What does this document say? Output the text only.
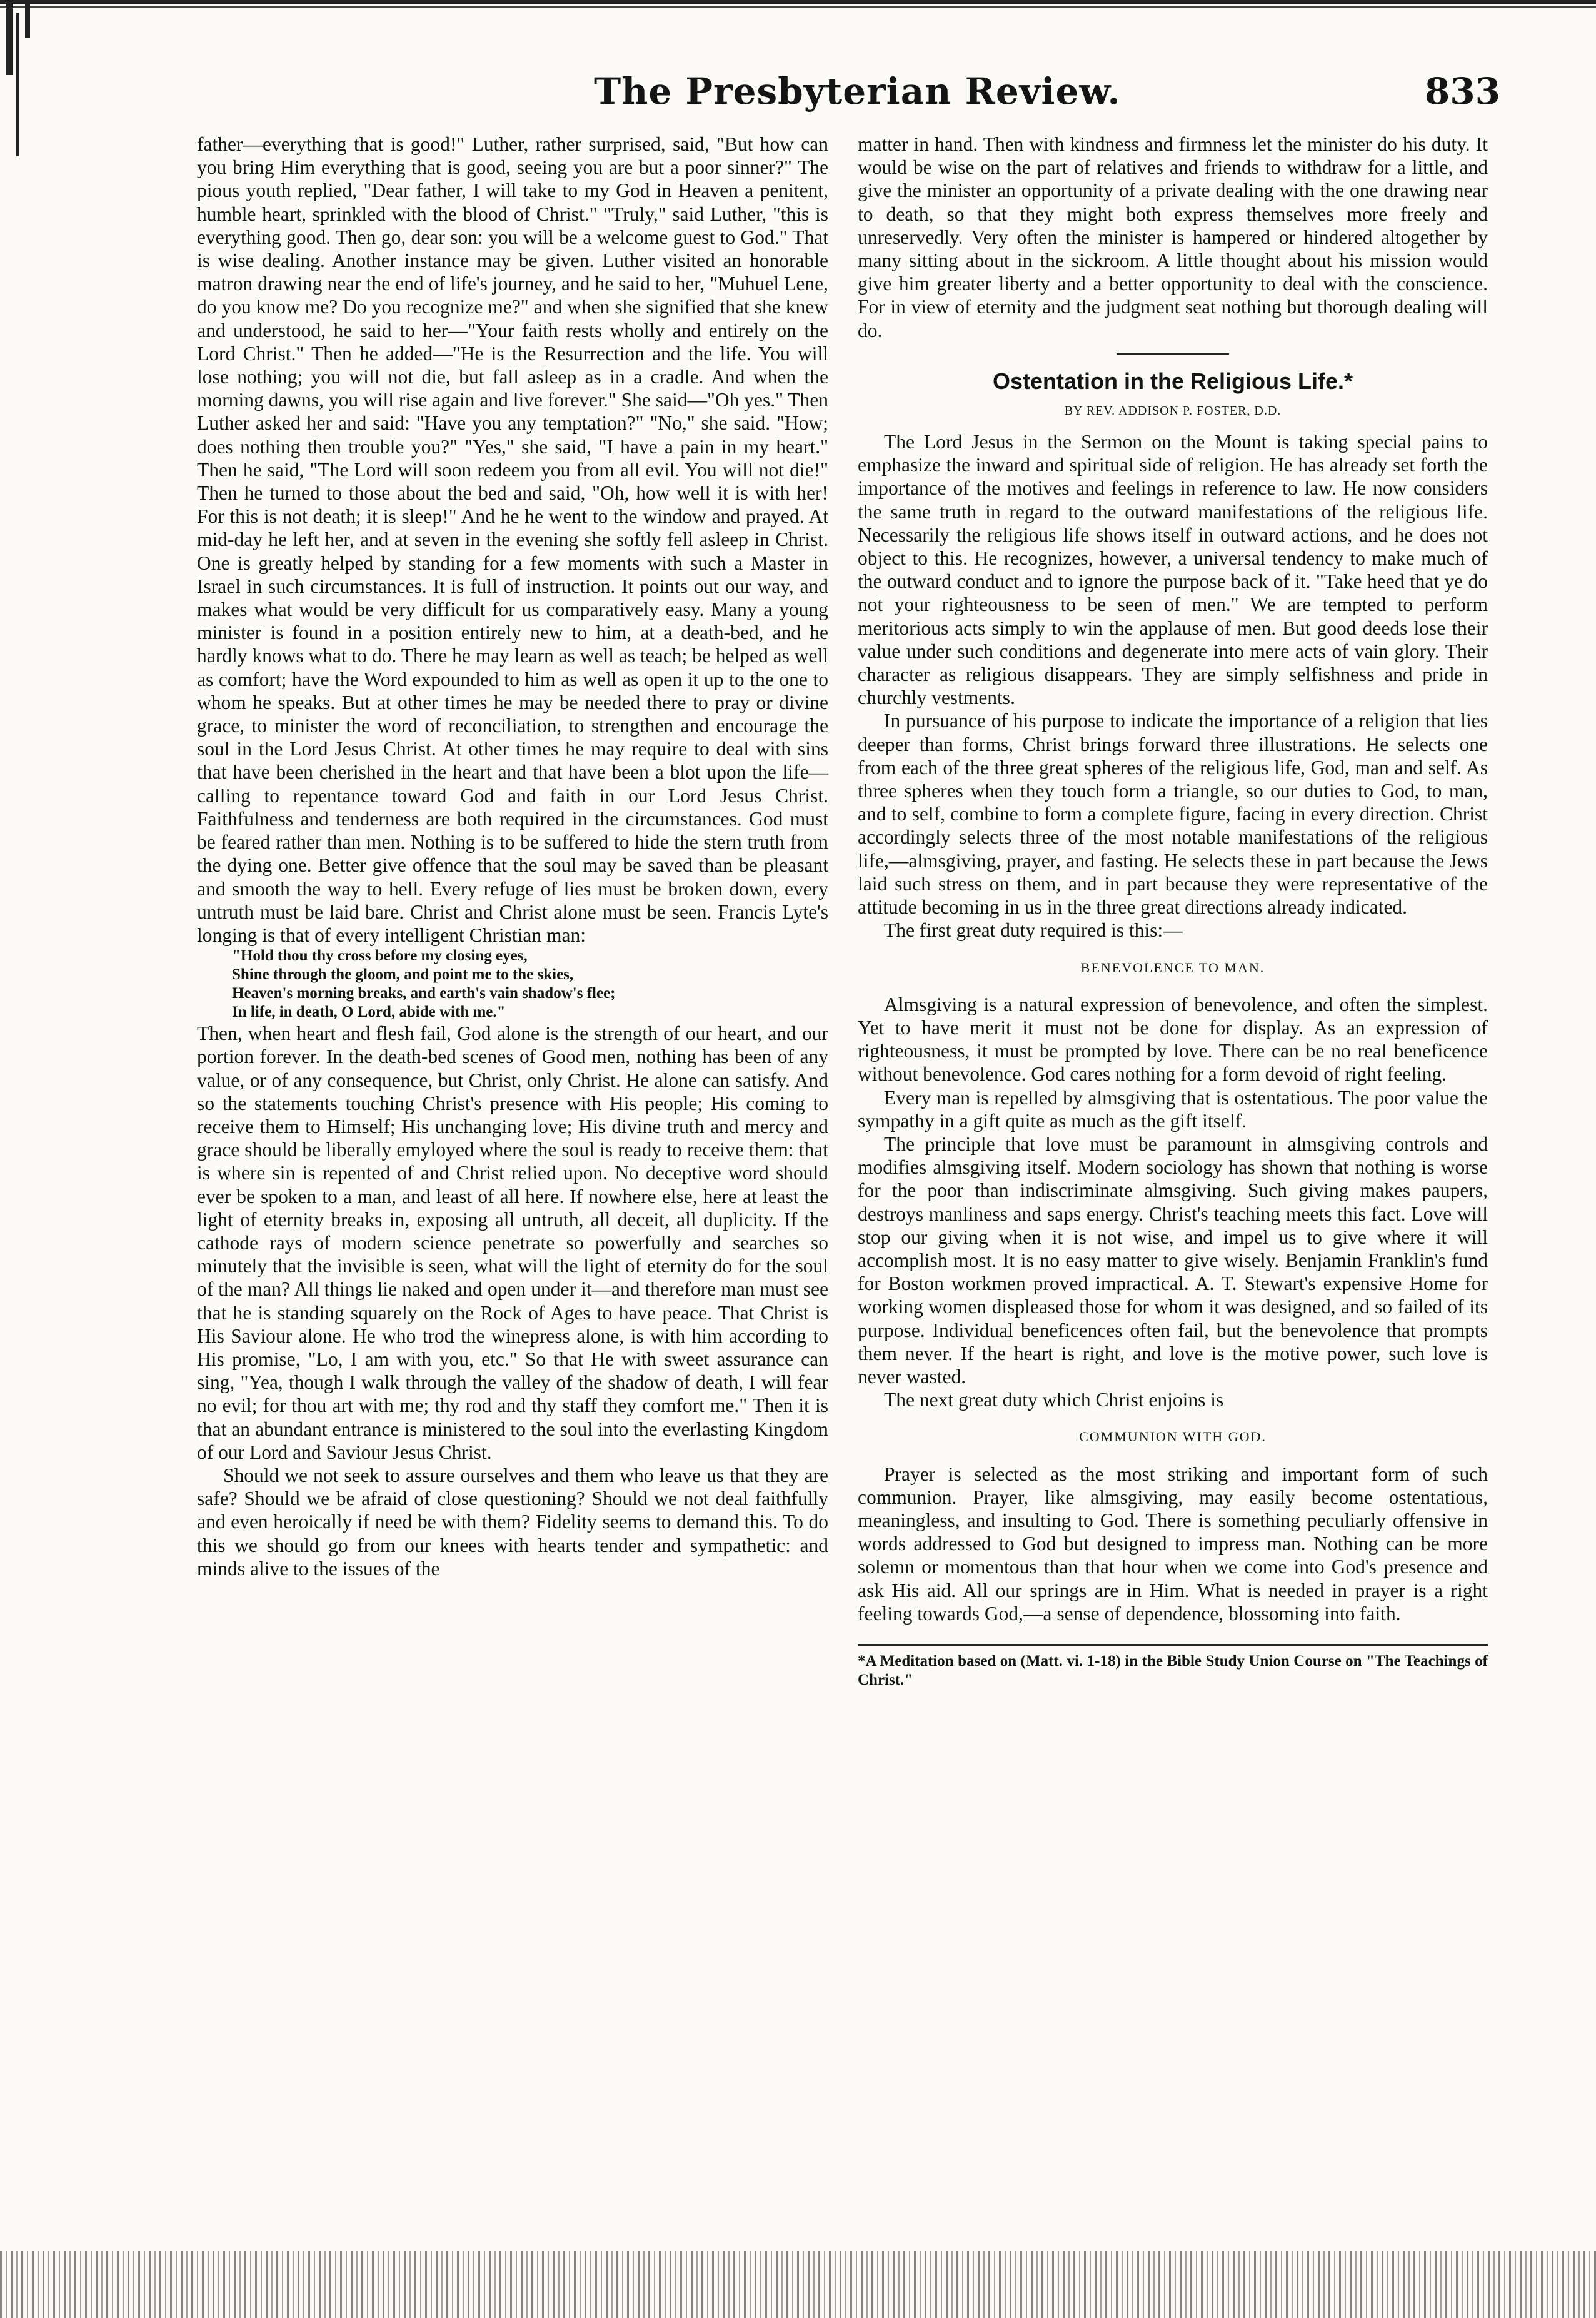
The Presbyterian Review.	833

father—everything that is good!" Luther, rather surprised, said, "But how can you bring Him everything that is good, seeing you are but a poor sinner?" The pious youth replied, "Dear father, I will take to my God in Heaven a penitent, humble heart, sprinkled with the blood of Christ." "Truly," said Luther, "this is everything good. Then go, dear son: you will be a welcome guest to God." That is wise dealing. Another instance may be given. Luther visited an honorable matron drawing near the end of life's journey, and he said to her, "Muhuel Lene, do you know me? Do you recognize me?" and when she signified that she knew and understood, he said to her—"Your faith rests wholly and entirely on the Lord Christ." Then he added—"He is the Resurrection and the life. You will lose nothing; you will not die, but fall asleep as in a cradle. And when the morning dawns, you will rise again and live forever." She said—"Oh yes." Then Luther asked her and said: "Have you any temptation?" "No," she said. "How; does nothing then trouble you?" "Yes," she said, "I have a pain in my heart." Then he said, "The Lord will soon redeem you from all evil. You will not die!" Then he turned to those about the bed and said, "Oh, how well it is with her! For this is not death; it is sleep!" And he he went to the window and prayed. At mid-day he left her, and at seven in the evening she softly fell asleep in Christ. One is greatly helped by standing for a few moments with such a Master in Israel in such circumstances. It is full of instruction. It points out our way, and makes what would be very difficult for us comparatively easy. Many a young minister is found in a position entirely new to him, at a death-bed, and he hardly knows what to do. There he may learn as well as teach; be helped as well as comfort; have the Word expounded to him as well as open it up to the one to whom he speaks. But at other times he may be needed there to pray or divine grace, to minister the word of reconciliation, to strengthen and encourage the soul in the Lord Jesus Christ. At other times he may require to deal with sins that have been cherished in the heart and that have been a blot upon the life—calling to repentance toward God and faith in our Lord Jesus Christ. Faithfulness and tenderness are both required in the circumstances. God must be feared rather than men. Nothing is to be suffered to hide the stern truth from the dying one. Better give offence that the soul may be saved than be pleasant and smooth the way to hell. Every refuge of lies must be broken down, every untruth must be laid bare. Christ and Christ alone must be seen. Francis Lyte's longing is that of every intelligent Christian man:

"Hold thou thy cross before my closing eyes,
Shine through the gloom, and point me to the skies,
Heaven's morning breaks, and earth's vain shadow's flee;
In life, in death, O Lord, abide with me."

Then, when heart and flesh fail, God alone is the strength of our heart, and our portion forever. In the death-bed scenes of Good men, nothing has been of any value, or of any consequence, but Christ, only Christ. He alone can satisfy. And so the statements touching Christ's presence with His people; His coming to receive them to Himself; His unchanging love; His divine truth and mercy and grace should be liberally emyloyed where the soul is ready to receive them: that is where sin is repented of and Christ relied upon. No deceptive word should ever be spoken to a man, and least of all here. If nowhere else, here at least the light of eternity breaks in, exposing all untruth, all deceit, all duplicity. If the cathode rays of modern science penetrate so powerfully and searches so minutely that the invisible is seen, what will the light of eternity do for the soul of the man? All things lie naked and open under it—and therefore man must see that he is standing squarely on the Rock of Ages to have peace. That Christ is His Saviour alone. He who trod the winepress alone, is with him according to His promise, "Lo, I am with you, etc." So that He with sweet assurance can sing, "Yea, though I walk through the valley of the shadow of death, I will fear no evil; for thou art with me; thy rod and thy staff they comfort me." Then it is that an abundant entrance is ministered to the soul into the everlasting Kingdom of our Lord and Saviour Jesus Christ.

Should we not seek to assure ourselves and them who leave us that they are safe? Should we be afraid of close questioning? Should we not deal faithfully and even heroically if need be with them? Fidelity seems to demand this. To do this we should go from our knees with hearts tender and sympathetic: and minds alive to the issues of the

matter in hand. Then with kindness and firmness let the minister do his duty. It would be wise on the part of relatives and friends to withdraw for a little, and give the minister an opportunity of a private dealing with the one drawing near to death, so that they might both express themselves more freely and unreservedly. Very often the minister is hampered or hindered altogether by many sitting about in the sickroom. A little thought about his mission would give him greater liberty and a better opportunity to deal with the conscience. For in view of eternity and the judgment seat nothing but thorough dealing will do.

Ostentation in the Religious Life.*
BY REV. ADDISON P. FOSTER, D.D.

The Lord Jesus in the Sermon on the Mount is taking special pains to emphasize the inward and spiritual side of religion. He has already set forth the importance of the motives and feelings in reference to law. He now considers the same truth in regard to the outward manifestations of the religious life. Necessarily the religious life shows itself in outward actions, and he does not object to this. He recognizes, however, a universal tendency to make much of the outward conduct and to ignore the purpose back of it. "Take heed that ye do not your righteousness to be seen of men." We are tempted to perform meritorious acts simply to win the applause of men. But good deeds lose their value under such conditions and degenerate into mere acts of vain glory. Their character as religious disappears. They are simply selfishness and pride in churchly vestments.

In pursuance of his purpose to indicate the importance of a religion that lies deeper than forms, Christ brings forward three illustrations. He selects one from each of the three great spheres of the religious life, God, man and self. As three spheres when they touch form a triangle, so our duties to God, to man, and to self, combine to form a complete figure, facing in every direction. Christ accordingly selects three of the most notable manifestations of the religious life,—almsgiving, prayer, and fasting. He selects these in part because the Jews laid such stress on them, and in part because they were representative of the attitude becoming in us in the three great directions already indicated.

The first great duty required is this:—

BENEVOLENCE TO MAN.

Almsgiving is a natural expression of benevolence, and often the simplest. Yet to have merit it must not be done for display. As an expression of righteousness, it must be prompted by love. There can be no real beneficence without benevolence. God cares nothing for a form devoid of right feeling.

Every man is repelled by almsgiving that is ostentatious. The poor value the sympathy in a gift quite as much as the gift itself.

The principle that love must be paramount in almsgiving controls and modifies almsgiving itself. Modern sociology has shown that nothing is worse for the poor than indiscriminate almsgiving. Such giving makes paupers, destroys manliness and saps energy. Christ's teaching meets this fact. Love will stop our giving when it is not wise, and impel us to give where it will accomplish most. It is no easy matter to give wisely. Benjamin Franklin's fund for Boston workmen proved impractical. A. T. Stewart's expensive Home for working women displeased those for whom it was designed, and so failed of its purpose. Individual beneficences often fail, but the benevolence that prompts them never. If the heart is right, and love is the motive power, such love is never wasted.

The next great duty which Christ enjoins is

COMMUNION WITH GOD.

Prayer is selected as the most striking and important form of such communion. Prayer, like almsgiving, may easily become ostentatious, meaningless, and insulting to God. There is something peculiarly offensive in words addressed to God but designed to impress man. Nothing can be more solemn or momentous than that hour when we come into God's presence and ask His aid. All our springs are in Him. What is needed in prayer is a right feeling towards God,—a sense of dependence, blossoming into faith.

*A Meditation based on (Matt. vi. 1-18) in the Bible Study Union Course on "The Teachings of Christ."
